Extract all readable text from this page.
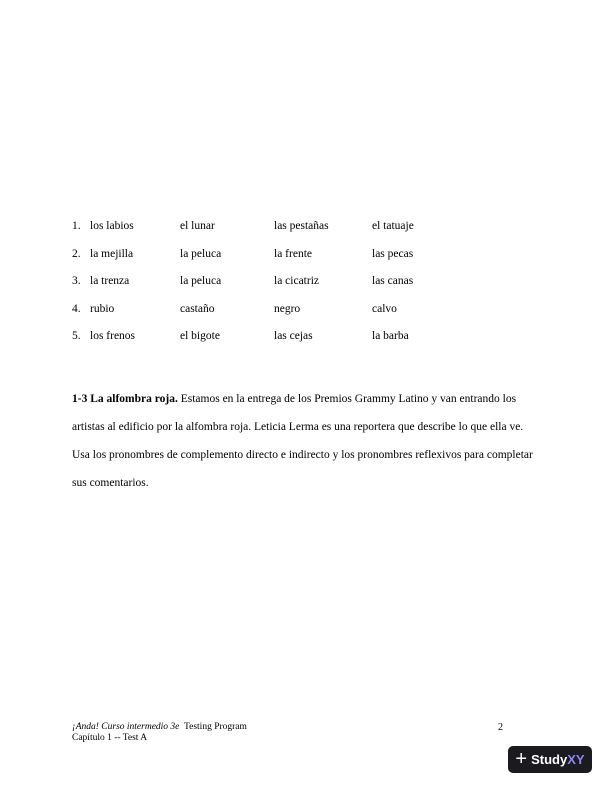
1. los labios	el lunar	las pestañas	el tatuaje
2. la mejilla	la peluca	la frente	las pecas
3. la trenza	la peluca	la cicatriz	las canas
4. rubio	castaño	negro	calvo
5. los frenos	el bigote	las cejas	la barba

1-3 La alfombra roja. Estamos en la entrega de los Premios Grammy Latino y van entrando los artistas al edificio por la alfombra roja. Leticia Lerma es una reportera que describe lo que ella ve. Usa los pronombres de complemento directo e indirecto y los pronombres reflexivos para completar sus comentarios.

¡Anda! Curso intermedio 3e  Testing Program
Capítulo 1 -- Test A
2
+ StudyXY
